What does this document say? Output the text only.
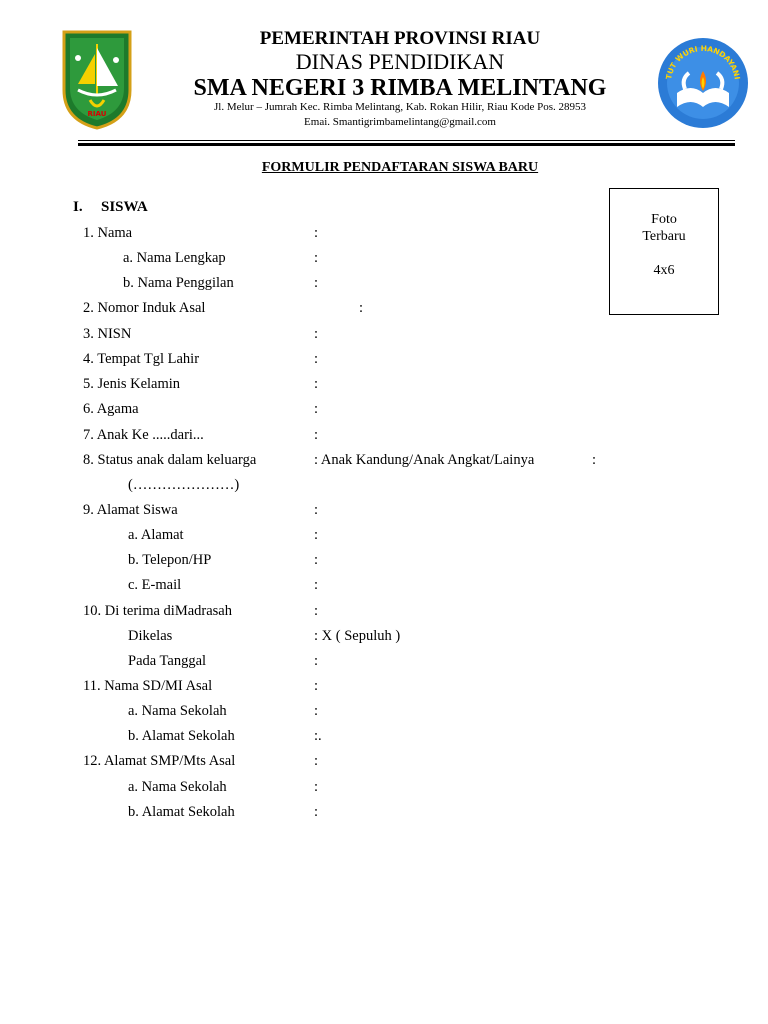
RIAU
TUT WURI HANDAYANI
PEMERINTAH PROVINSI RIAU
DINAS PENDIDIKAN
SMA NEGERI 3 RIMBA MELINTANG
Jl. Melur – Jumrah Kec. Rimba Melintang, Kab. Rokan Hilir, Riau Kode Pos. 28953
Emai. Smantigrimbamelintang@gmail.com
FORMULIR PENDAFTARAN SISWA BARU
Foto
Terbaru
4x6
I. SISWA
1. Nama	:
a. Nama Lengkap	:
b. Nama Penggilan	:
2. Nomor Induk Asal	:
3. NISN	:
4. Tempat Tgl Lahir	:
5. Jenis Kelamin	:
6. Agama	:
7. Anak Ke .....dari...	:
8. Status anak dalam keluarga	: Anak Kandung/Anak Angkat/Lainya	:
(…………………)
9. Alamat Siswa	:
a. Alamat	:
b. Telepon/HP	:
c. E-mail	:
10. Di terima diMadrasah	:
Dikelas	: X ( Sepuluh )
Pada Tanggal	:
11. Nama SD/MI Asal	:
a. Nama Sekolah	:
b. Alamat Sekolah	:.
12. Alamat SMP/Mts Asal	:
a. Nama Sekolah	:
b. Alamat Sekolah	:
